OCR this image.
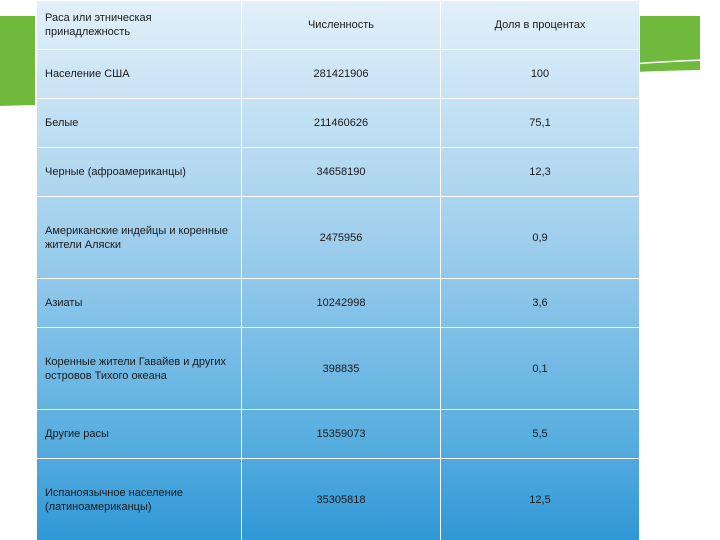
Раса или этническая принадлежность	Численность	Доля в процентах
Население США	281421906	100
Белые	211460626	75,1
Черные (афроамериканцы)	34658190	12,3
Американские индейцы и коренные жители Аляски	2475956	0,9
Азиаты	10242998	3,6
Коренные жители Гавайев и других островов Тихого океана	398835	0,1
Другие расы	15359073	5,5
Испаноязычное население (латиноамериканцы)	35305818	12,5
